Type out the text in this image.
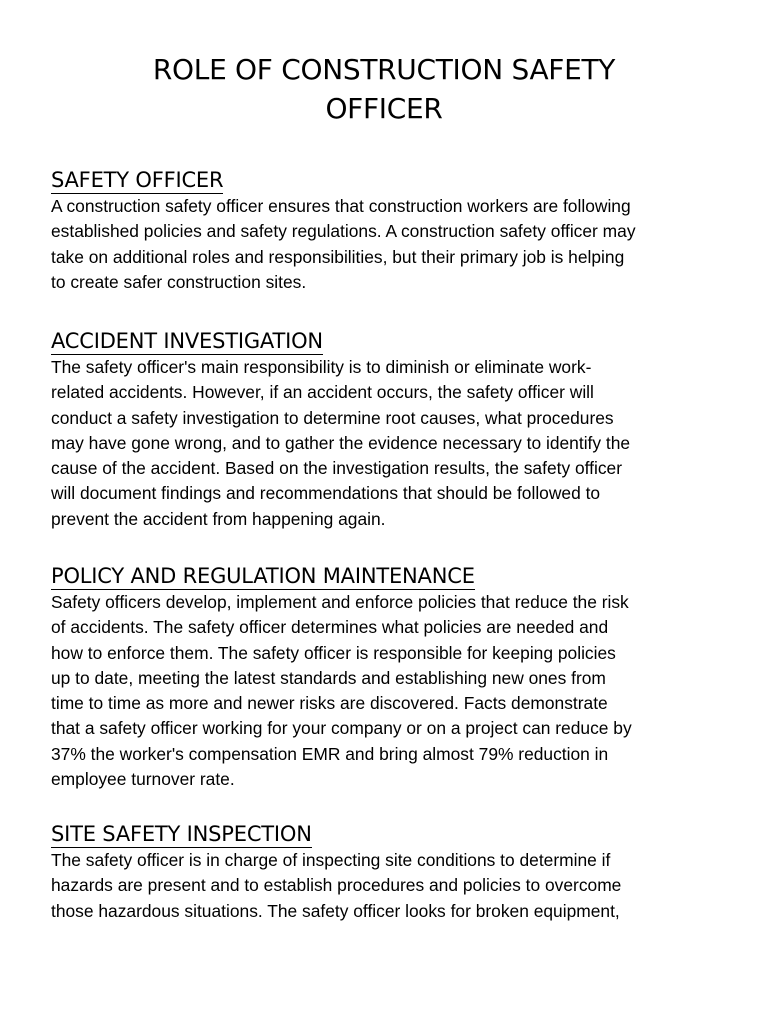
ROLE OF CONSTRUCTION SAFETY
OFFICER
SAFETY OFFICER

A construction safety officer ensures that construction workers are following
established policies and safety regulations. A construction safety officer may
take on additional roles and responsibilities, but their primary job is helping
to create safer construction sites.

ACCIDENT INVESTIGATION

The safety officer's main responsibility is to diminish or eliminate work-
related accidents. However, if an accident occurs, the safety officer will
conduct a safety investigation to determine root causes, what procedures
may have gone wrong, and to gather the evidence necessary to identify the
cause of the accident. Based on the investigation results, the safety officer
will document findings and recommendations that should be followed to
prevent the accident from happening again.

POLICY AND REGULATION MAINTENANCE

Safety officers develop, implement and enforce policies that reduce the risk
of accidents. The safety officer determines what policies are needed and
how to enforce them. The safety officer is responsible for keeping policies
up to date, meeting the latest standards and establishing new ones from
time to time as more and newer risks are discovered. Facts demonstrate
that a safety officer working for your company or on a project can reduce by
37% the worker's compensation EMR and bring almost 79% reduction in
employee turnover rate.

SITE SAFETY INSPECTION

The safety officer is in charge of inspecting site conditions to determine if
hazards are present and to establish procedures and policies to overcome
those hazardous situations. The safety officer looks for broken equipment,
